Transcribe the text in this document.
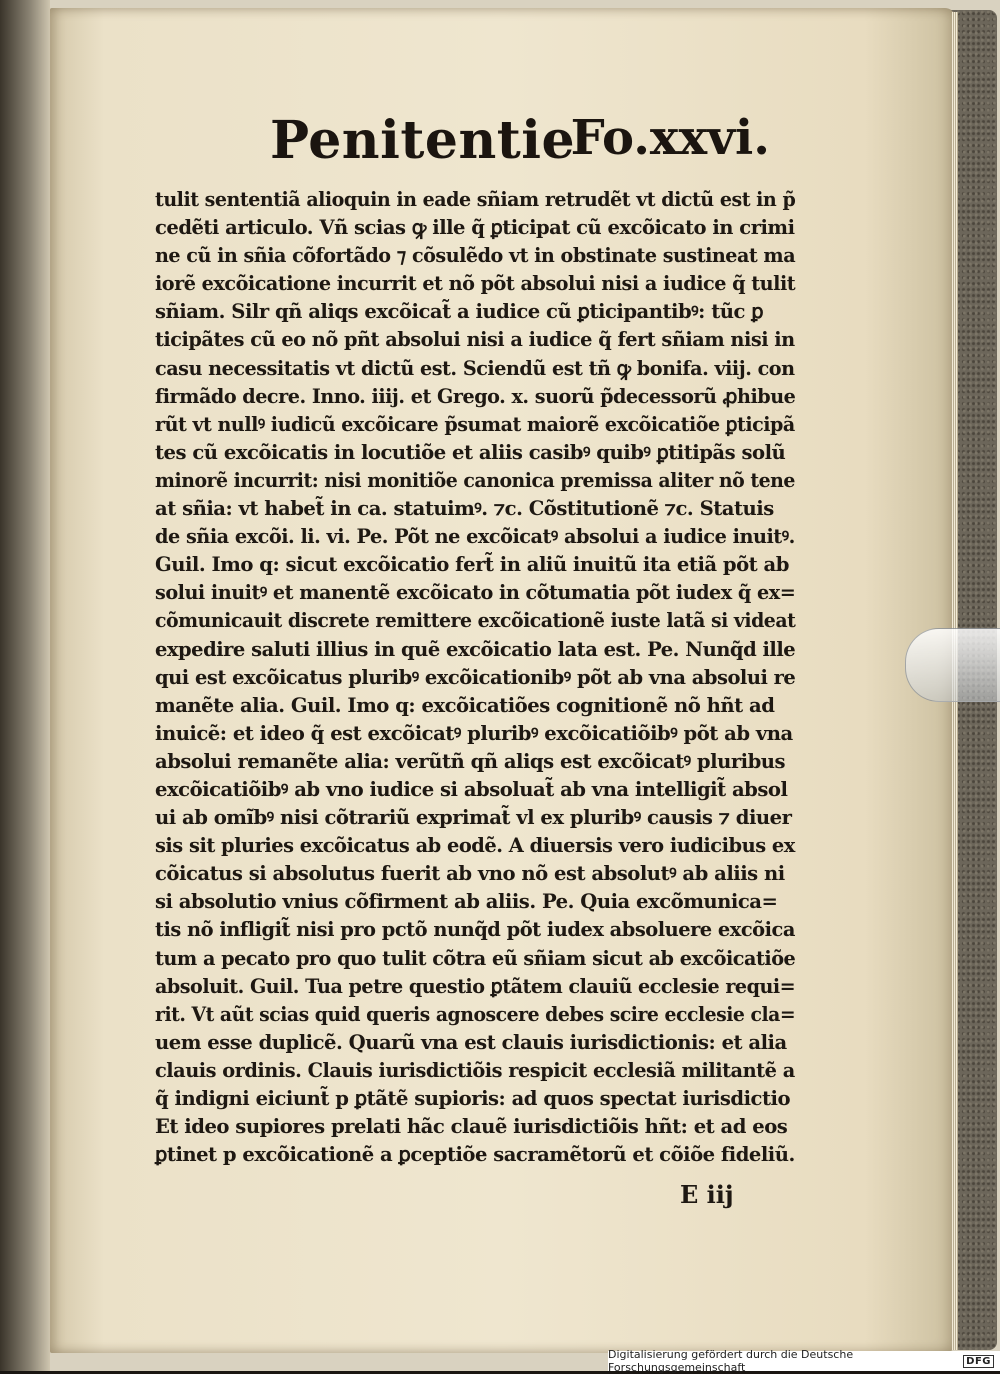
Penitentie
Fo.xxvi.
tulit sententiã alioquin in eade sñiam retrudẽt vt dictũ est in p̃
cedẽti articulo. Vñ scias ꝙ ille q̃ ꝑticipat cũ excõicato in crimi
ne cũ in sñia cõfortãdo ⁊ cõsulẽdo vt in obstinate sustineat ma
iorẽ excõicatione incurrit et nõ põt absolui nisi a iudice q̃ tulit
sñiam. Silr qñ aliqs excõicat̃ a iudice cũ ꝑticipantibꝰ: tũc ꝑ
ticipãtes cũ eo nõ pñt absolui nisi a iudice q̃ fert sñiam nisi in
casu necessitatis vt dictũ est. Sciendũ est tñ ꝙ bonifa. viij. con
firmãdo decre. Inno. iiij. et Grego. x. suorũ p̃decessorũ ꝓhibue
rũt vt nullꝰ iudicũ excõicare p̃sumat maiorẽ excõicatiõe ꝑticipã
tes cũ excõicatis in locutiõe et aliis casibꝰ quibꝰ ꝑtitipãs solũ
minorẽ incurrit: nisi monitiõe canonica premissa aliter nõ tene
at sñia: vt habet̃ in ca. statuimꝰ. ⁊c. Cõstitutionẽ ⁊c. Statuis
de sñia excõi. li. vi. Pe. Põt ne excõicatꝰ absolui a iudice inuitꝰ.
Guil. Imo q: sicut excõicatio fert̃ in aliũ inuitũ ita etiã põt ab
solui inuitꝰ et manentẽ excõicato in cõtumatia põt iudex q̃ ex=
cõmunicauit discrete remittere excõicationẽ iuste latã si videat
expedire saluti illius in quẽ excõicatio lata est. Pe. Nunq̃d ille
qui est excõicatus pluribꝰ excõicationibꝰ põt ab vna absolui re
manẽte alia. Guil. Imo q: excõicatiões cognitionẽ nõ hñt ad
inuicẽ: et ideo q̃ est excõicatꝰ pluribꝰ excõicatiõibꝰ põt ab vna
absolui remanẽte alia: verũtñ qñ aliqs est excõicatꝰ pluribus
excõicatiõibꝰ ab vno iudice si absoluat̃ ab vna intelligit̃ absol
ui ab omĩbꝰ nisi cõtrariũ exprimat̃ vl ex pluribꝰ causis ⁊ diuer
sis sit pluries excõicatus ab eodẽ. A diuersis vero iudicibus ex
cõicatus si absolutus fuerit ab vno nõ est absolutꝰ ab aliis ni
si absolutio vnius cõfirment ab aliis. Pe. Quia excõmunica=
tis nõ infligit̃ nisi pro pctõ nunq̃d põt iudex absoluere excõica
tum a pecato pro quo tulit cõtra eũ sñiam sicut ab excõicatiõe
absoluit. Guil. Tua petre questio ꝑtãtem clauiũ ecclesie requi=
rit. Vt aũt scias quid queris agnoscere debes scire ecclesie cla=
uem esse duplicẽ. Quarũ vna est clauis iurisdictionis: et alia
clauis ordinis. Clauis iurisdictiõis respicit ecclesiã militantẽ a
q̃ indigni eiciunt̃ p ꝑtãtẽ supioris: ad quos spectat iurisdictio
Et ideo supiores prelati hãc clauẽ iurisdictiõis hñt: et ad eos
ꝑtinet p excõicationẽ a ꝑceptiõe sacramẽtorũ et cõiõe fideliũ.
E iij
Digitalisierung gefördert durch die Deutsche Forschungsgemeinschaft	DFG
